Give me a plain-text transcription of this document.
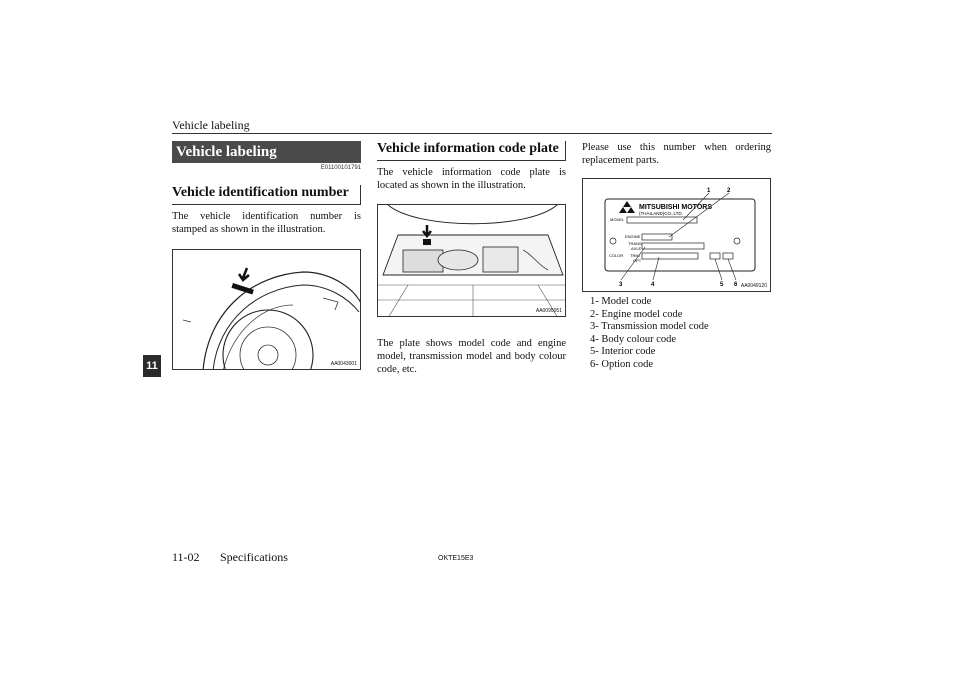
Vehicle labeling
Vehicle labeling
E01100101791
Vehicle identification number
The vehicle identification number is stamped as shown in the illustration.
AA0043001
Vehicle information code plate
The vehicle information code plate is located as shown in the illustration.
AA0095051
The plate shows model code and engine model, transmission model and body colour code, etc.
Please use this number when ordering replacement parts.
MITSUBISHI MOTORS
(THAILAND)CO.,LTD.
MODEL
ENGINE
TRANS
AXLE
COLOR TRIM
OPT
1	2
3	4	5 6 AA0049120
1- Model code
2- Engine model code
3- Transmission model code
4- Body colour code
5- Interior code
6- Option code
11
11-02 Specifications	OKTE15E3
